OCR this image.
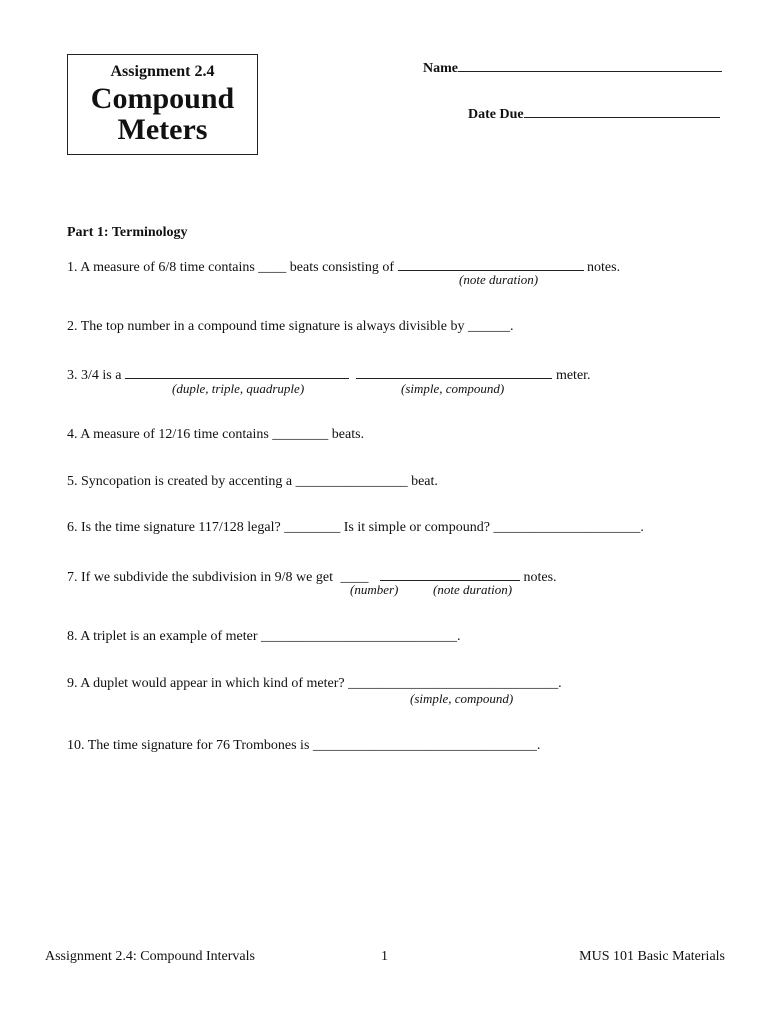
Assignment 2.4
Compound
Meters
Name
Date Due
Part 1: Terminology
1. A measure of 6/8 time contains ____ beats consisting of	notes.
(note duration)
2. The top number in a compound time signature is always divisible by ______.
3. 3/4 is a	meter.
(duple, triple, quadruple)	(simple, compound)
4. A measure of 12/16 time contains ________ beats.
5. Syncopation is created by accenting a ________________ beat.
6. Is the time signature 117/128 legal? ________ Is it simple or compound? _____________________.
7. If we subdivide the subdivision in 9/8 we get ____	notes.
(number)	(note duration)
8. A triplet is an example of meter ____________________________.
9. A duplet would appear in which kind of meter? ______________________________.
(simple, compound)
10. The time signature for 76 Trombones is ________________________________.
Assignment 2.4: Compound Intervals	1	MUS 101 Basic Materials
